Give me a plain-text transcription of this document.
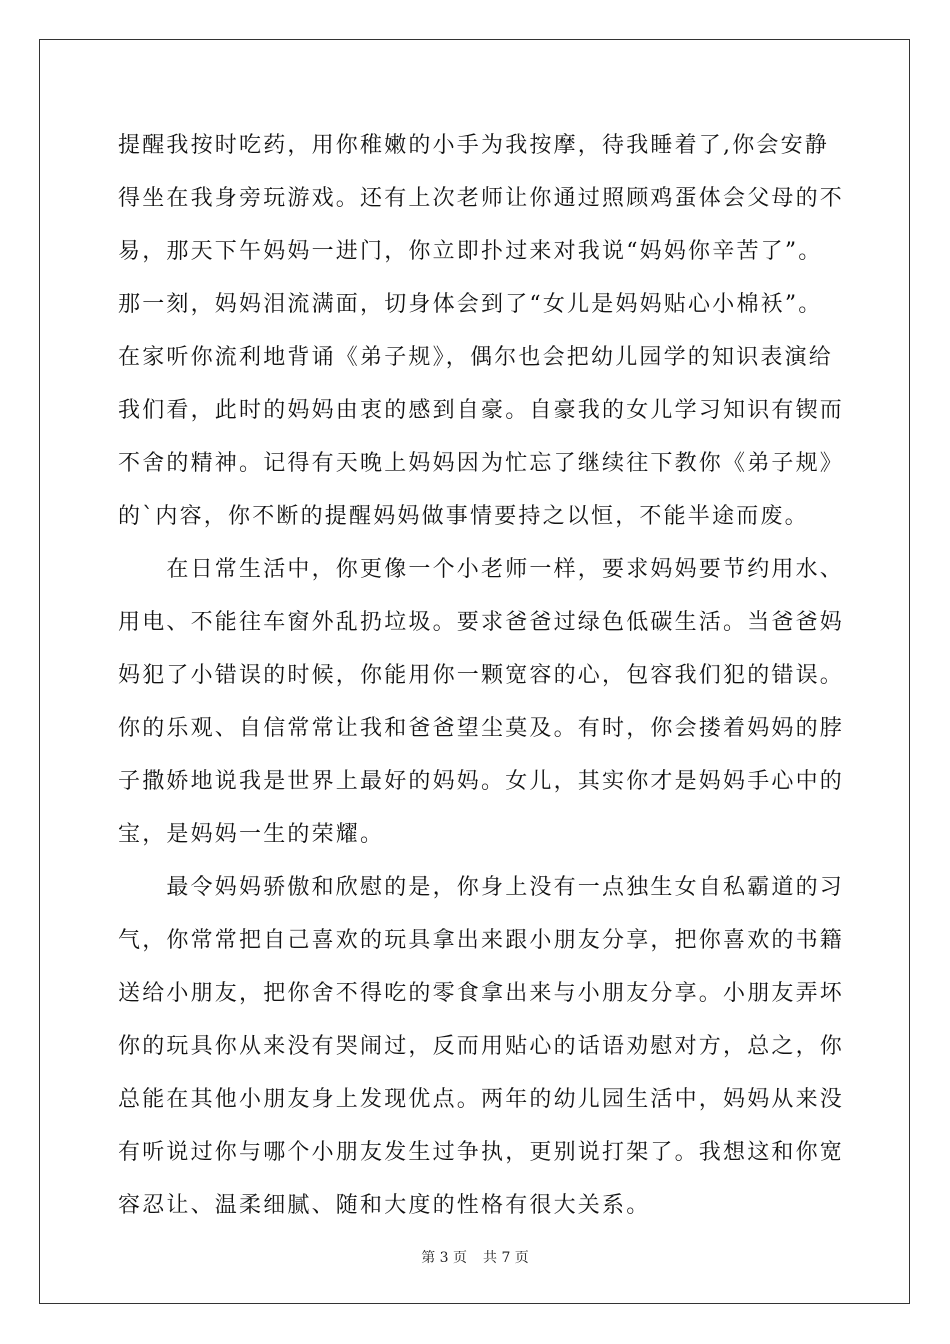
提醒我按时吃药，用你稚嫩的小手为我按摩，待我睡着了,你会安静
得坐在我身旁玩游戏。还有上次老师让你通过照顾鸡蛋体会父母的不
易，那天下午妈妈一进门，你立即扑过来对我说“妈妈你辛苦了”。
那一刻，妈妈泪流满面，切身体会到了“女儿是妈妈贴心小棉袄”。
在家听你流利地背诵《弟子规》，偶尔也会把幼儿园学的知识表演给
我们看，此时的妈妈由衷的感到自豪。自豪我的女儿学习知识有锲而
不舍的精神。记得有天晚上妈妈因为忙忘了继续往下教你《弟子规》
的`内容，你不断的提醒妈妈做事情要持之以恒，不能半途而废。
　　在日常生活中，你更像一个小老师一样，要求妈妈要节约用水、
用电、不能往车窗外乱扔垃圾。要求爸爸过绿色低碳生活。当爸爸妈
妈犯了小错误的时候，你能用你一颗宽容的心，包容我们犯的错误。
你的乐观、自信常常让我和爸爸望尘莫及。有时，你会搂着妈妈的脖
子撒娇地说我是世界上最好的妈妈。女儿，其实你才是妈妈手心中的
宝，是妈妈一生的荣耀。
　　最令妈妈骄傲和欣慰的是，你身上没有一点独生女自私霸道的习
气，你常常把自己喜欢的玩具拿出来跟小朋友分享，把你喜欢的书籍
送给小朋友，把你舍不得吃的零食拿出来与小朋友分享。小朋友弄坏
你的玩具你从来没有哭闹过，反而用贴心的话语劝慰对方，总之，你
总能在其他小朋友身上发现优点。两年的幼儿园生活中，妈妈从来没
有听说过你与哪个小朋友发生过争执，更别说打架了。我想这和你宽
容忍让、温柔细腻、随和大度的性格有很大关系。
第 3 页 共 7 页
